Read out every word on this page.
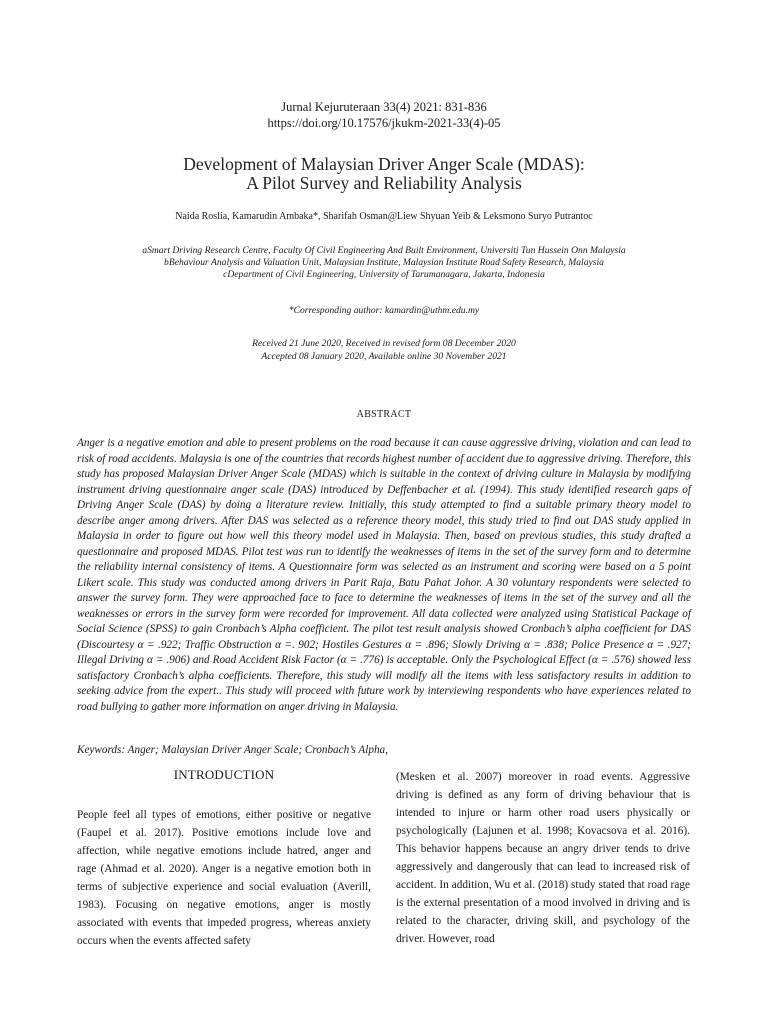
Jurnal Kejuruteraan 33(4) 2021: 831-836
https://doi.org/10.17576/jkukm-2021-33(4)-05
Development of Malaysian Driver Anger Scale (MDAS):
A Pilot Survey and Reliability Analysis
Naida Roslia, Kamarudin Ambaka*, Sharifah Osman@Liew Shyuan Yeib & Leksmono Suryo Putrantoc
aSmart Driving Research Centre, Faculty Of Civil Engineering And Built Environment, Universiti Tun Hussein Onn Malaysia
bBehaviour Analysis and Valuation Unit, Malaysian Institute, Malaysian Institute Road Safety Research, Malaysia
cDepartment of Civil Engineering, University of Tarumanagara, Jakarta, Indonesia
*Corresponding author: kamardin@uthm.edu.my
Received 21 June 2020, Received in revised form 08 December 2020
Accepted 08 January 2020, Available online 30 November 2021
ABSTRACT

Anger is a negative emotion and able to present problems on the road because it can cause aggressive driving, violation and can lead to risk of road accidents. Malaysia is one of the countries that records highest number of accident due to aggressive driving. Therefore, this study has proposed Malaysian Driver Anger Scale (MDAS) which is suitable in the context of driving culture in Malaysia by modifying instrument driving questionnaire anger scale (DAS) introduced by Deffenbacher et al. (1994). This study identified research gaps of Driving Anger Scale (DAS) by doing a literature review. Initially, this study attempted to find a suitable primary theory model to describe anger among drivers. After DAS was selected as a reference theory model, this study tried to find out DAS study applied in Malaysia in order to figure out how well this theory model used in Malaysia. Then, based on previous studies, this study drafted a questionnaire and proposed MDAS. Pilot test was run to identify the weaknesses of items in the set of the survey form and to determine the reliability internal consistency of items. A Questionnaire form was selected as an instrument and scoring were based on a 5 point Likert scale. This study was conducted among drivers in Parit Raja, Batu Pahat Johor. A 30 voluntary respondents were selected to answer the survey form. They were approached face to face to determine the weaknesses of items in the set of the survey and all the weaknesses or errors in the survey form were recorded for improvement. All data collected were analyzed using Statistical Package of Social Science (SPSS) to gain Cronbach’s Alpha coefficient. The pilot test result analysis showed Cronbach’s alpha coefficient for DAS (Discourtesy α = .922; Traffic Obstruction α =. 902; Hostiles Gestures α = .896; Slowly Driving α = .838; Police Presence α = .927; Illegal Driving α = .906) and Road Accident Risk Factor (α = .776) is acceptable. Only the Psychological Effect (α = .576) showed less satisfactory Cronbach’s alpha coefficients. Therefore, this study will modify all the items with less satisfactory results in addition to seeking advice from the expert.. This study will proceed with future work by interviewing respondents who have experiences related to road bullying to gather more information on anger driving in Malaysia.

Keywords: Anger; Malaysian Driver Anger Scale; Cronbach’s Alpha,

INTRODUCTION

People feel all types of emotions, either positive or negative (Faupel et al. 2017). Positive emotions include love and affection, while negative emotions include hatred, anger and rage (Ahmad et al. 2020). Anger is a negative emotion both in terms of subjective experience and social evaluation (Averill, 1983). Focusing on negative emotions, anger is mostly associated with events that impeded progress, whereas anxiety occurs when the events affected safety

(Mesken et al. 2007) moreover in road events. Aggressive driving is defined as any form of driving behaviour that is intended to injure or harm other road users physically or psychologically (Lajunen et al. 1998; Kovacsova et al. 2016). This behavior happens because an angry driver tends to drive aggressively and dangerously that can lead to increased risk of accident. In addition, Wu et al. (2018) study stated that road rage is the external presentation of a mood involved in driving and is related to the character, driving skill, and psychology of the driver. However, road
